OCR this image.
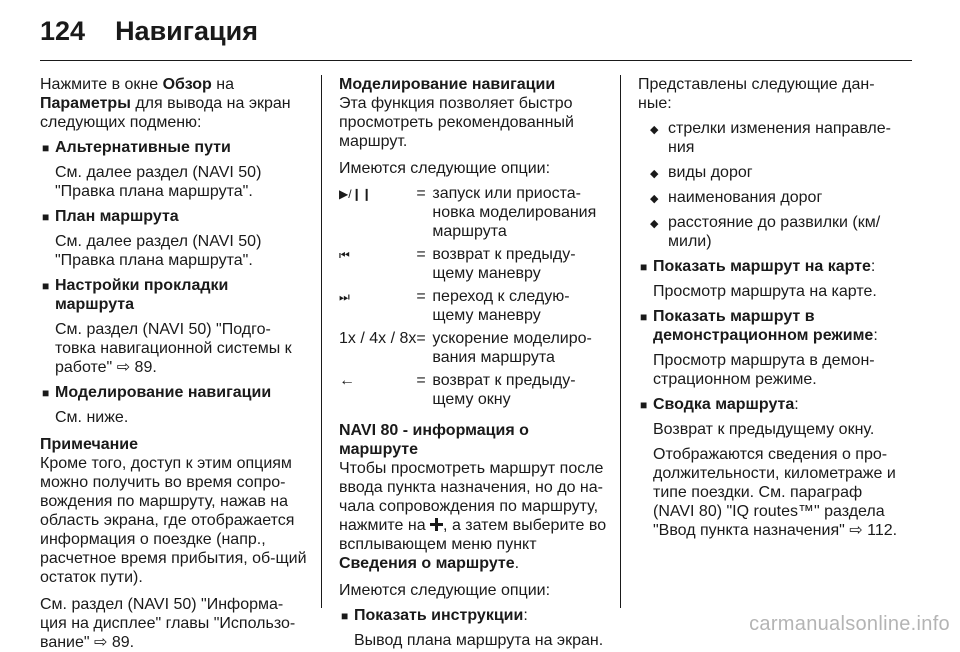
124 Навигация

Нажмите в окне Обзор на
Параметры для вывода на экран следующих подменю:

■ Альтернативные пути

См. далее раздел (NAVI 50) "Правка плана маршрута".

■ План маршрута

См. далее раздел (NAVI 50) "Правка плана маршрута".

■ Настройки прокладки маршрута

См. раздел (NAVI 50) "Подго-товка навигационной системы к работе" ⇨ 89.

■ Моделирование навигации

См. ниже.

Примечание

Кроме того, доступ к этим опциям можно получить во время сопро-вождения по маршруту, нажав на область экрана, где отображается информация о поездке (напр., расчетное время прибытия, об-щий остаток пути).

См. раздел (NAVI 50) "Информа-ция на дисплее" главы "Использо-вание" ⇨ 89.

Моделирование навигации

Эта функция позволяет быстро просмотреть рекомендованный маршрут.

Имеются следующие опции:

▶/❙❙	=	запуск или приоста-новка моделирования маршрута
⏮	=	возврат к предыду-щему маневру
⏭	=	переход к следую-щему маневру
1x / 4x / 8x	=	ускорение моделиро-вания маршрута
←	=	возврат к предыду-щему окну

NAVI 80 - информация о маршруте

Чтобы просмотреть маршрут после ввода пункта назначения, но до на-чала сопровождения по маршруту, нажмите на , а затем выберите во всплывающем меню пункт
Сведения о маршруте.

Имеются следующие опции:

■ Показать инструкции:

Вывод плана маршрута на экран.

Представлены следующие дан-ные:

◆ стрелки изменения направле-ния
◆ виды дорог
◆ наименования дорог
◆ расстояние до развилки (км/ мили)
■ Показать маршрут на карте:

Просмотр маршрута на карте.

■ Показать маршрут в демонстрационном режиме:

Просмотр маршрута в демон-страционном режиме.

■ Сводка маршрута:

Возврат к предыдущему окну.

Отображаются сведения о про-должительности, километраже и типе поездки. См. параграф (NAVI 80) "IQ routes™" раздела "Ввод пункта назначения" ⇨ 112.

carmanualsonline.info
